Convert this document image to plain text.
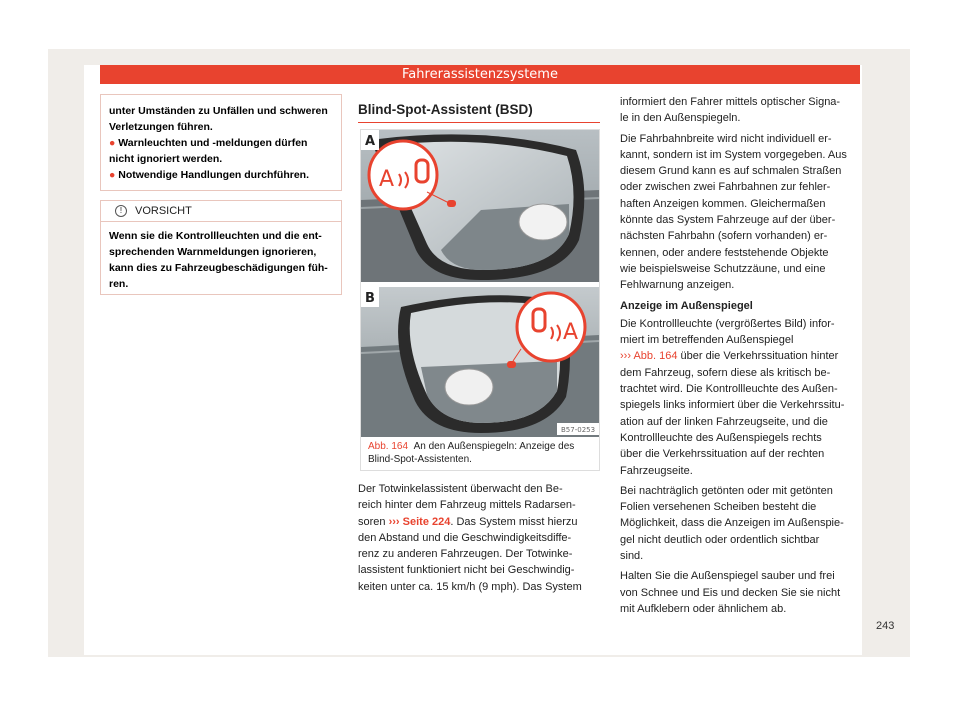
Fahrerassistenzsysteme

unter Umständen zu Unfällen und schweren
Verletzungen führen.

● Warnleuchten und -meldungen dürfen
nicht ignoriert werden.

● Notwendige Handlungen durchführen.

! VORSICHT
Wenn sie die Kontrollleuchten und die ent-
sprechenden Warnmeldungen ignorieren,
kann dies zu Fahrzeugbeschädigungen füh-
ren.
Blind-Spot-Assistent (BSD)
A
A
A
B
B57-0253
Abb. 164 An den Außenspiegeln: Anzeige des
Blind-Spot-Assistenten.

Der Totwinkelassistent überwacht den Be-
reich hinter dem Fahrzeug mittels Radarsen-
soren ››› Seite 224. Das System misst hierzu
den Abstand und die Geschwindigkeitsdiffe-
renz zu anderen Fahrzeugen. Der Totwinke-
lassistent funktioniert nicht bei Geschwindig-
keiten unter ca. 15 km/h (9 mph). Das System

informiert den Fahrer mittels optischer Signa-
le in den Außenspiegeln.
Die Fahrbahnbreite wird nicht individuell er-
kannt, sondern ist im System vorgegeben. Aus
diesem Grund kann es auf schmalen Straßen
oder zwischen zwei Fahrbahnen zur fehler-
haften Anzeigen kommen. Gleichermaßen
könnte das System Fahrzeuge auf der über-
nächsten Fahrbahn (sofern vorhanden) er-
kennen, oder andere feststehende Objekte
wie beispielsweise Schutzzäune, und eine
Fehlwarnung anzeigen.
Anzeige im Außenspiegel
Die Kontrollleuchte (vergrößertes Bild) infor-
miert im betreffenden Außenspiegel
››› Abb. 164 über die Verkehrssituation hinter
dem Fahrzeug, sofern diese als kritisch be-
trachtet wird. Die Kontrollleuchte des Außen-
spiegels links informiert über die Verkehrssitu-
ation auf der linken Fahrzeugseite, und die
Kontrollleuchte des Außenspiegels rechts
über die Verkehrssituation auf der rechten
Fahrzeugseite.
Bei nachträglich getönten oder mit getönten
Folien versehenen Scheiben besteht die
Möglichkeit, dass die Anzeigen im Außenspie-
gel nicht deutlich oder ordentlich sichtbar
sind.
Halten Sie die Außenspiegel sauber und frei
von Schnee und Eis und decken Sie sie nicht
mit Aufklebern oder ähnlichem ab.
243
